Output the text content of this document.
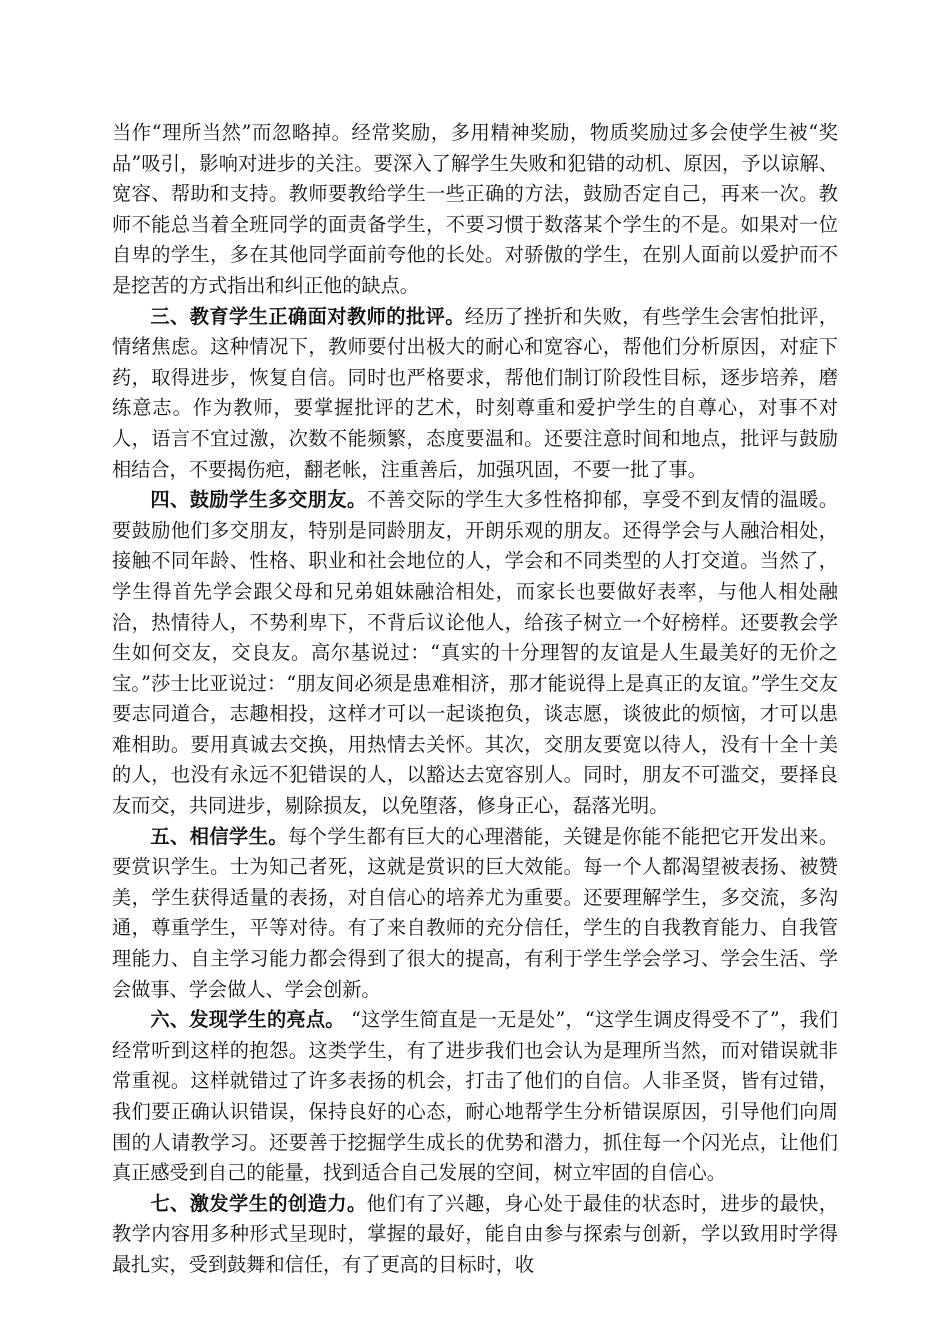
当作“理所当然”而忽略掉。经常奖励，多用精神奖励，物质奖励过多会使学生被“奖品”吸引，影响对进步的关注。要深入了解学生失败和犯错的动机、原因，予以谅解、宽容、帮助和支持。教师要教给学生一些正确的方法，鼓励否定自己，再来一次。教师不能总当着全班同学的面责备学生，不要习惯于数落某个学生的不是。如果对一位自卑的学生，多在其他同学面前夸他的长处。对骄傲的学生，在别人面前以爱护而不是挖苦的方式指出和纠正他的缺点。

三、教育学生正确面对教师的批评。经历了挫折和失败，有些学生会害怕批评，情绪焦虑。这种情况下，教师要付出极大的耐心和宽容心，帮他们分析原因，对症下药，取得进步，恢复自信。同时也严格要求，帮他们制订阶段性目标，逐步培养，磨练意志。作为教师，要掌握批评的艺术，时刻尊重和爱护学生的自尊心，对事不对人，语言不宜过激，次数不能频繁，态度要温和。还要注意时间和地点，批评与鼓励相结合，不要揭伤疤，翻老帐，注重善后，加强巩固，不要一批了事。

四、鼓励学生多交朋友。不善交际的学生大多性格抑郁，享受不到友情的温暖。要鼓励他们多交朋友，特别是同龄朋友，开朗乐观的朋友。还得学会与人融洽相处，接触不同年龄、性格、职业和社会地位的人，学会和不同类型的人打交道。当然了，学生得首先学会跟父母和兄弟姐妹融洽相处，而家长也要做好表率，与他人相处融洽，热情待人，不势利卑下，不背后议论他人，给孩子树立一个好榜样。还要教会学生如何交友，交良友。高尔基说过：“真实的十分理智的友谊是人生最美好的无价之宝。”莎士比亚说过：“朋友间必须是患难相济，那才能说得上是真正的友谊。”学生交友要志同道合，志趣相投，这样才可以一起谈抱负，谈志愿，谈彼此的烦恼，才可以患难相助。要用真诚去交换，用热情去关怀。其次，交朋友要宽以待人，没有十全十美的人，也没有永远不犯错误的人，以豁达去宽容别人。同时，朋友不可滥交，要择良友而交，共同进步，剔除损友，以免堕落，修身正心，磊落光明。

五、相信学生。每个学生都有巨大的心理潜能，关键是你能不能把它开发出来。要赏识学生。士为知己者死，这就是赏识的巨大效能。每一个人都渴望被表扬、被赞美，学生获得适量的表扬，对自信心的培养尤为重要。还要理解学生，多交流，多沟通，尊重学生，平等对待。有了来自教师的充分信任，学生的自我教育能力、自我管理能力、自主学习能力都会得到了很大的提高，有利于学生学会学习、学会生活、学会做事、学会做人、学会创新。

六、发现学生的亮点。 “这学生简直是一无是处”，“这学生调皮得受不了”，我们经常听到这样的抱怨。这类学生，有了进步我们也会认为是理所当然，而对错误就非常重视。这样就错过了许多表扬的机会，打击了他们的自信。人非圣贤，皆有过错，我们要正确认识错误，保持良好的心态，耐心地帮学生分析错误原因，引导他们向周围的人请教学习。还要善于挖掘学生成长的优势和潜力，抓住每一个闪光点，让他们真正感受到自己的能量，找到适合自己发展的空间，树立牢固的自信心。

七、激发学生的创造力。他们有了兴趣，身心处于最佳的状态时，进步的最快，教学内容用多种形式呈现时，掌握的最好，能自由参与探索与创新，学以致用时学得最扎实，受到鼓舞和信任，有了更高的目标时，收
